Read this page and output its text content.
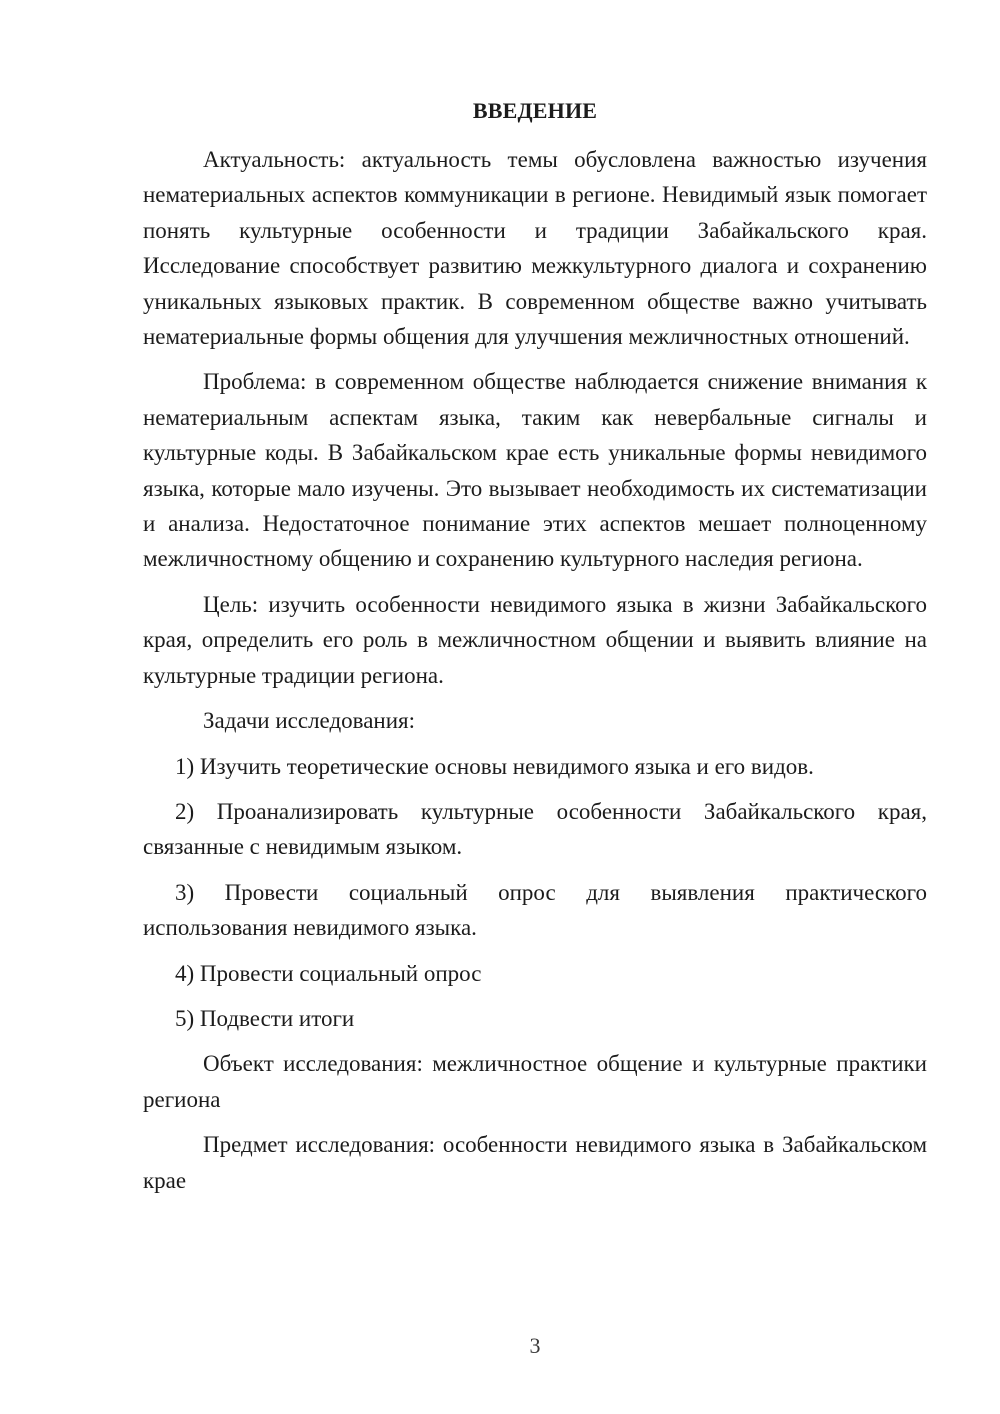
ВВЕДЕНИЕ

Актуальность: актуальность темы обусловлена важностью изучения нематериальных аспектов коммуникации в регионе. Невидимый язык помогает понять культурные особенности и традиции Забайкальского края. Исследование способствует развитию межкультурного диалога и сохранению уникальных языковых практик. В современном обществе важно учитывать нематериальные формы общения для улучшения межличностных отношений.

Проблема: в современном обществе наблюдается снижение внимания к нематериальным аспектам языка, таким как невербальные сигналы и культурные коды. В Забайкальском крае есть уникальные формы невидимого языка, которые мало изучены. Это вызывает необходимость их систематизации и анализа. Недостаточное понимание этих аспектов мешает полноценному межличностному общению и сохранению культурного наследия региона.

Цель: изучить особенности невидимого языка в жизни Забайкальского края, определить его роль в межличностном общении и выявить влияние на культурные традиции региона.

Задачи исследования:

1) Изучить теоретические основы невидимого языка и его видов.

2) Проанализировать культурные особенности Забайкальского края, связанные с невидимым языком.

3) Провести социальный опрос для выявления практического использования невидимого языка.

4) Провести социальный опрос

5) Подвести итоги

Объект исследования: межличностное общение и культурные практики региона

Предмет исследования: особенности невидимого языка в Забайкальском крае

3
